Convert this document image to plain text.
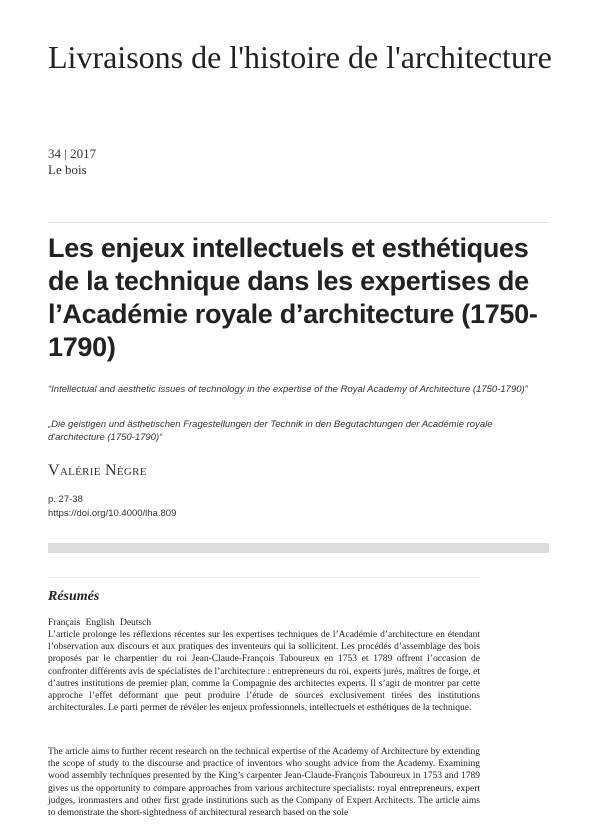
Livraisons de l'histoire de l'architecture
34 | 2017
Le bois
Les enjeux intellectuels et esthétiques de la technique dans les expertises de l’Académie royale d’architecture (1750-1790)
“Intellectual and aesthetic issues of technology in the expertise of the Royal Academy of Architecture (1750-1790)”
„Die geistigen und ästhetischen Fragestellungen der Technik in den Begutachtungen der Académie royale d'architecture (1750-1790)“
Valérie Nègre
p. 27-38
https://doi.org/10.4000/lha.809
Résumés
Français English Deutsch

L’article prolonge les réflexions récentes sur les expertises techniques de l’Académie d’architecture en étendant l’observation aux discours et aux pratiques des inventeurs qui la sollicitent. Les procédés d’assemblage des bois proposés par le charpentier du roi Jean-Claude-François Taboureux en 1753 et 1789 offrent l’occasion de confronter différents avis de spécialistes de l’architecture : entrepreneurs du roi, experts jurés, maîtres de forge, et d’autres institutions de premier plan, comme la Compagnie des architectes experts. Il s’agit de montrer par cette approche l’effet déformant que peut produire l’étude de sources exclusivement tirées des institutions architecturales. Le parti permet de révéler les enjeux professionnels, intellectuels et esthétiques de la technique.

The article aims to further recent research on the technical expertise of the Academy of Architecture by extending the scope of study to the discourse and practice of inventors who sought advice from the Academy. Examining wood assembly techniques presented by the King’s carpenter Jean-Claude-François Taboureux in 1753 and 1789 gives us the opportunity to compare approaches from various architecture specialists: royal entrepreneurs, expert judges, ironmasters and other first grade institutions such as the Company of Expert Architects. The article aims to demonstrate the short-sightedness of architectural research based on the sole
